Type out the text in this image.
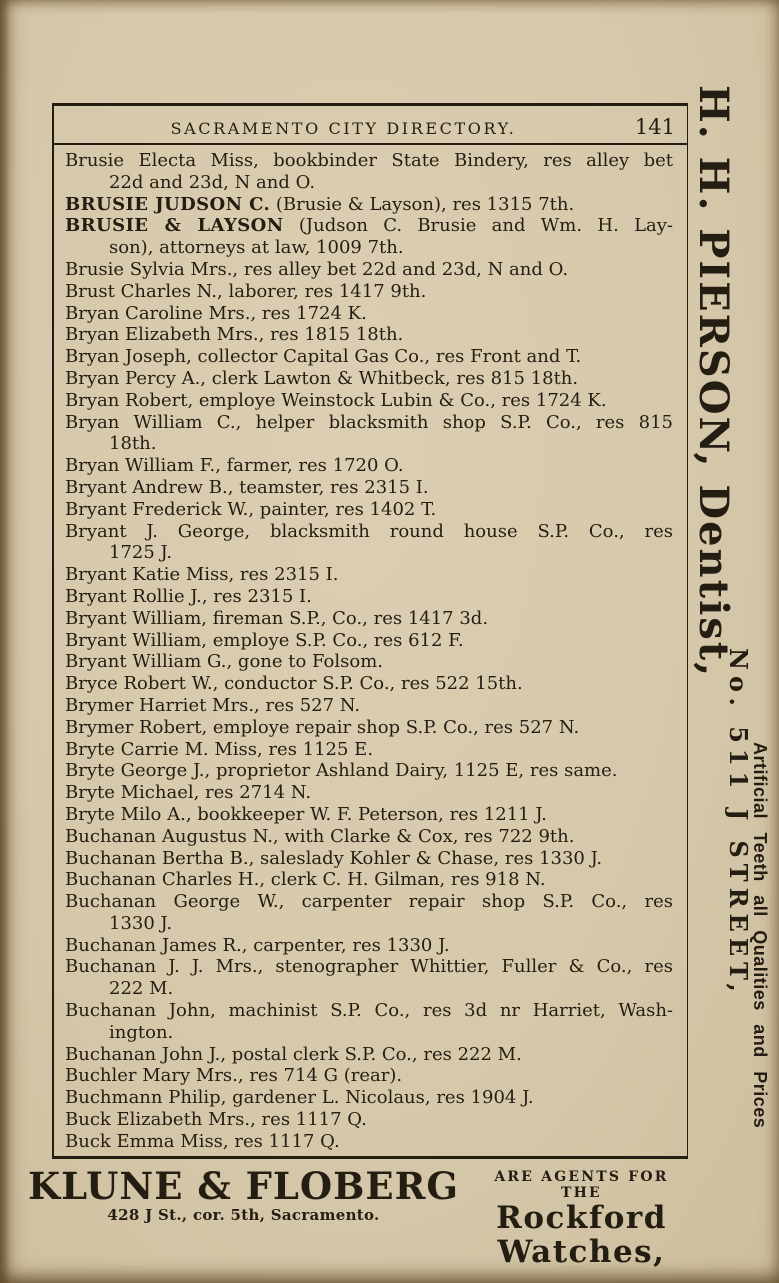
H. H. PIERSON, Dentist,
No. 511 J STREET,
Artificial Teeth all Qualities and Prices
SACRAMENTO CITY DIRECTORY.	141
Brusie Electa Miss, bookbinder State Bindery, res alley bet
22d and 23d, N and O.
BRUSIE JUDSON C. (Brusie & Layson), res 1315 7th.
BRUSIE & LAYSON (Judson C. Brusie and Wm. H. Lay-
son), attorneys at law, 1009 7th.
Brusie Sylvia Mrs., res alley bet 22d and 23d, N and O.
Brust Charles N., laborer, res 1417 9th.
Bryan Caroline Mrs., res 1724 K.
Bryan Elizabeth Mrs., res 1815 18th.
Bryan Joseph, collector Capital Gas Co., res Front and T.
Bryan Percy A., clerk Lawton & Whitbeck, res 815 18th.
Bryan Robert, employe Weinstock Lubin & Co., res 1724 K.
Bryan William C., helper blacksmith shop S.P. Co., res 815
18th.
Bryan William F., farmer, res 1720 O.
Bryant Andrew B., teamster, res 2315 I.
Bryant Frederick W., painter, res 1402 T.
Bryant J. George, blacksmith round house S.P. Co., res
1725 J.
Bryant Katie Miss, res 2315 I.
Bryant Rollie J., res 2315 I.
Bryant William, fireman S.P., Co., res 1417 3d.
Bryant William, employe S.P. Co., res 612 F.
Bryant William G., gone to Folsom.
Bryce Robert W., conductor S.P. Co., res 522 15th.
Brymer Harriet Mrs., res 527 N.
Brymer Robert, employe repair shop S.P. Co., res 527 N.
Bryte Carrie M. Miss, res 1125 E.
Bryte George J., proprietor Ashland Dairy, 1125 E, res same.
Bryte Michael, res 2714 N.
Bryte Milo A., bookkeeper W. F. Peterson, res 1211 J.
Buchanan Augustus N., with Clarke & Cox, res 722 9th.
Buchanan Bertha B., saleslady Kohler & Chase, res 1330 J.
Buchanan Charles H., clerk C. H. Gilman, res 918 N.
Buchanan George W., carpenter repair shop S.P. Co., res
1330 J.
Buchanan James R., carpenter, res 1330 J.
Buchanan J. J. Mrs., stenographer Whittier, Fuller & Co., res
222 M.
Buchanan John, machinist S.P. Co., res 3d nr Harriet, Wash-
ington.
Buchanan John J., postal clerk S.P. Co., res 222 M.
Buchler Mary Mrs., res 714 G (rear).
Buchmann Philip, gardener L. Nicolaus, res 1904 J.
Buck Elizabeth Mrs., res 1117 Q.
Buck Emma Miss, res 1117 Q.
KLUNE & FLOBERG
428 J St., cor. 5th, Sacramento.
ARE AGENTS FOR THE
Rockford Watches,
